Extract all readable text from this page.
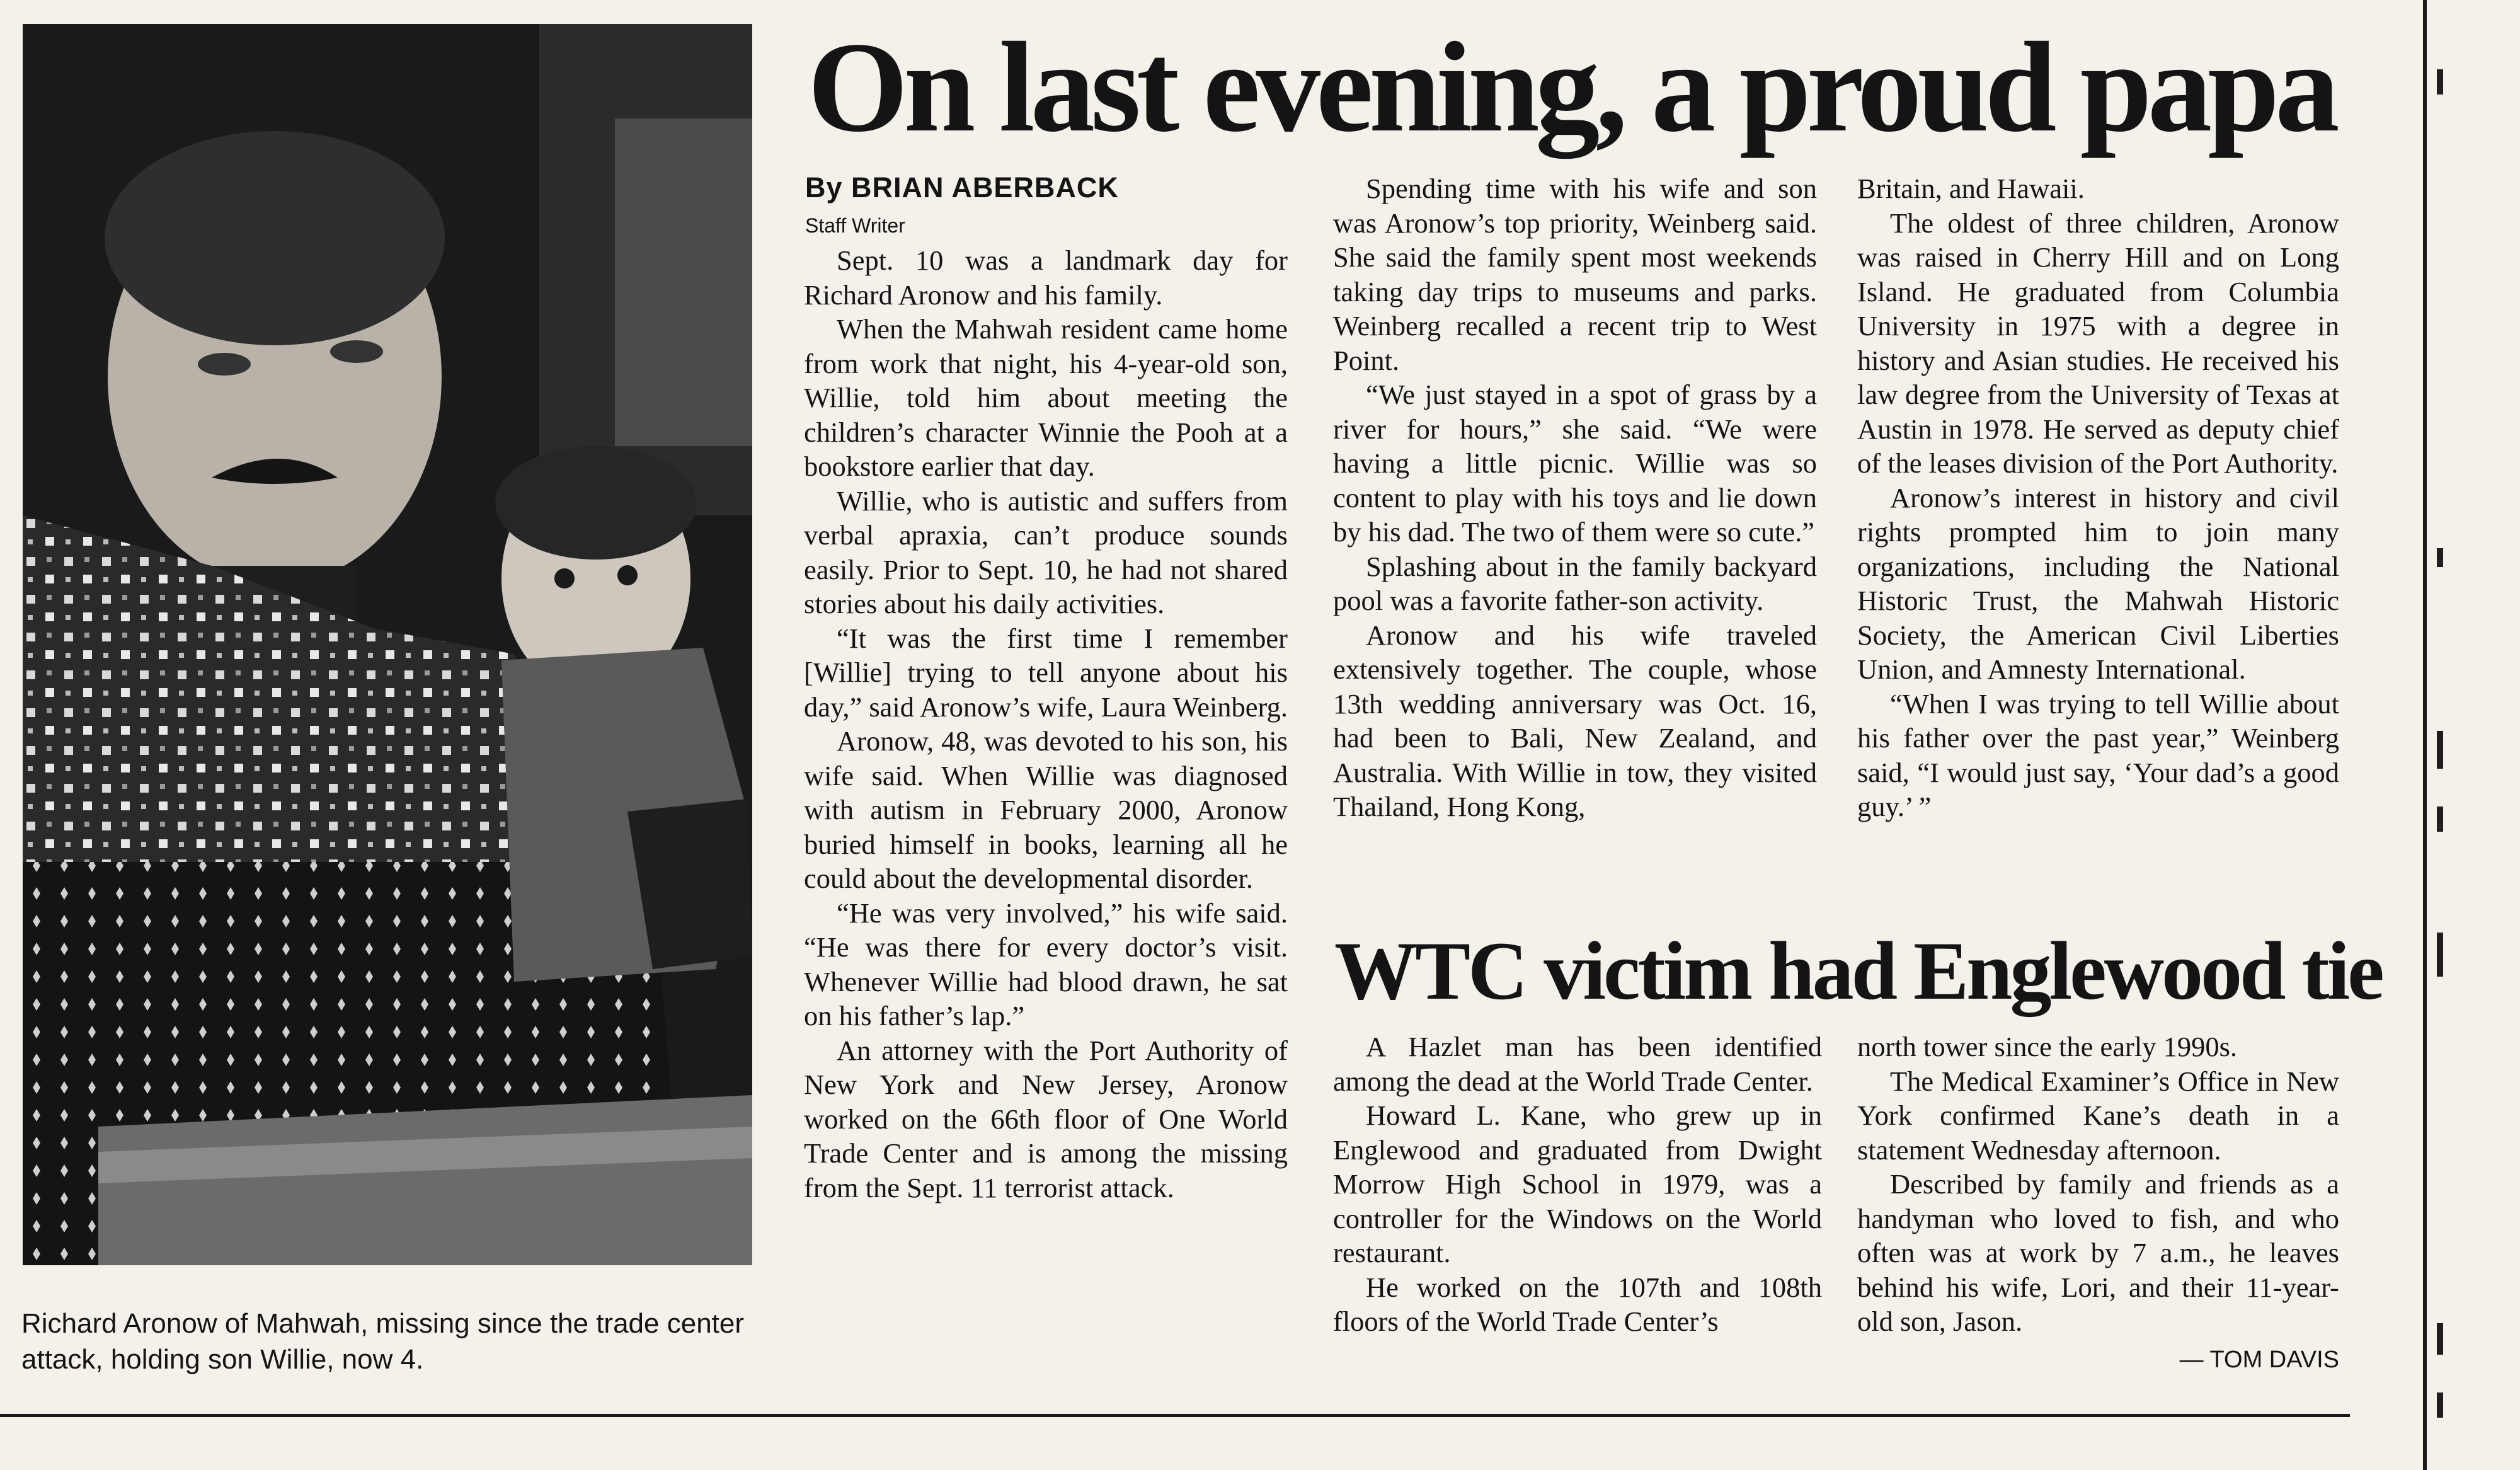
Richard Aronow of Mahwah, missing since the trade center attack, holding son Willie, now 4.
On last evening, a proud papa
By BRIAN ABERBACK
Staff Writer

Sept. 10 was a landmark day for Richard Aronow and his family.

When the Mahwah resident came home from work that night, his 4-year-old son, Willie, told him about meeting the children’s character Winnie the Pooh at a bookstore earlier that day.

Willie, who is autistic and suffers from verbal apraxia, can’t produce sounds easily. Prior to Sept. 10, he had not shared stories about his daily activities.

“It was the first time I remember [Willie] trying to tell anyone about his day,” said Aronow’s wife, Laura Weinberg.

Aronow, 48, was devoted to his son, his wife said. When Willie was diagnosed with autism in February 2000, Aronow buried himself in books, learning all he could about the developmental disorder.

“He was very involved,” his wife said. “He was there for every doctor’s visit. Whenever Willie had blood drawn, he sat on his father’s lap.”

An attorney with the Port Authority of New York and New Jersey, Aronow worked on the 66th floor of One World Trade Center and is among the missing from the Sept. 11 terrorist attack.

Spending time with his wife and son was Aronow’s top priority, Weinberg said. She said the family spent most weekends taking day trips to museums and parks. Weinberg recalled a recent trip to West Point.

“We just stayed in a spot of grass by a river for hours,” she said. “We were having a little picnic. Willie was so content to play with his toys and lie down by his dad. The two of them were so cute.”

Splashing about in the family backyard pool was a favorite father-son activity.

Aronow and his wife traveled extensively together. The couple, whose 13th wedding anniversary was Oct. 16, had been to Bali, New Zealand, and Australia. With Willie in tow, they visited Thailand, Hong Kong,

Britain, and Hawaii.

The oldest of three children, Aronow was raised in Cherry Hill and on Long Island. He graduated from Columbia University in 1975 with a degree in history and Asian studies. He received his law degree from the University of Texas at Austin in 1978. He served as deputy chief of the leases division of the Port Authority.

Aronow’s interest in history and civil rights prompted him to join many organizations, including the National Historic Trust, the Mahwah Historic Society, the American Civil Liberties Union, and Amnesty International.

“When I was trying to tell Willie about his father over the past year,” Weinberg said, “I would just say, ‘Your dad’s a good guy.’ ”

WTC victim had Englewood tie

A Hazlet man has been identified among the dead at the World Trade Center.

Howard L. Kane, who grew up in Englewood and graduated from Dwight Morrow High School in 1979, was a controller for the Windows on the World restaurant.

He worked on the 107th and 108th floors of the World Trade Center’s

north tower since the early 1990s.

The Medical Examiner’s Office in New York confirmed Kane’s death in a statement Wednesday afternoon.

Described by family and friends as a handyman who loved to fish, and who often was at work by 7 a.m., he leaves behind his wife, Lori, and their 11-year-old son, Jason.

— TOM DAVIS
